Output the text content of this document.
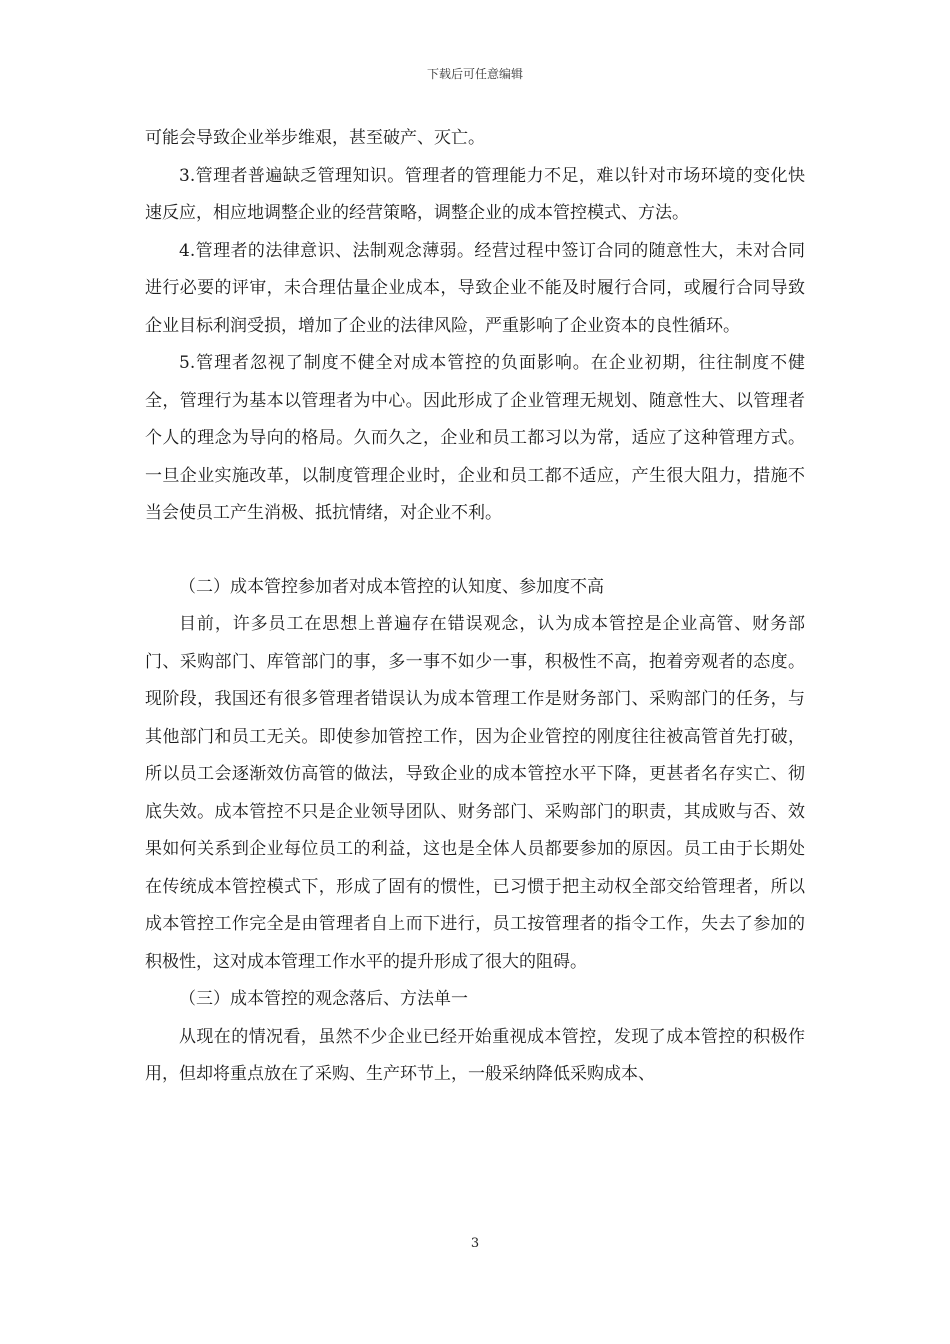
下载后可任意编辑

可能会导致企业举步维艰，甚至破产、灭亡。

3.管理者普遍缺乏管理知识。管理者的管理能力不足，难以针对市场环境的变化快速反应，相应地调整企业的经营策略，调整企业的成本管控模式、方法。

4.管理者的法律意识、法制观念薄弱。经营过程中签订合同的随意性大，未对合同进行必要的评审，未合理估量企业成本，导致企业不能及时履行合同，或履行合同导致企业目标利润受损，增加了企业的法律风险，严重影响了企业资本的良性循环。

5.管理者忽视了制度不健全对成本管控的负面影响。在企业初期，往往制度不健全，管理行为基本以管理者为中心。因此形成了企业管理无规划、随意性大、以管理者个人的理念为导向的格局。久而久之，企业和员工都习以为常，适应了这种管理方式。一旦企业实施改革，以制度管理企业时，企业和员工都不适应，产生很大阻力，措施不当会使员工产生消极、抵抗情绪，对企业不利。

（二）成本管控参加者对成本管控的认知度、参加度不高

目前，许多员工在思想上普遍存在错误观念，认为成本管控是企业高管、财务部门、采购部门、库管部门的事，多一事不如少一事，积极性不高，抱着旁观者的态度。现阶段，我国还有很多管理者错误认为成本管理工作是财务部门、采购部门的任务，与其他部门和员工无关。即使参加管控工作，因为企业管控的刚度往往被高管首先打破，所以员工会逐渐效仿高管的做法，导致企业的成本管控水平下降，更甚者名存实亡、彻底失效。成本管控不只是企业领导团队、财务部门、采购部门的职责，其成败与否、效果如何关系到企业每位员工的利益，这也是全体人员都要参加的原因。员工由于长期处在传统成本管控模式下，形成了固有的惯性，已习惯于把主动权全部交给管理者，所以成本管控工作完全是由管理者自上而下进行，员工按管理者的指令工作，失去了参加的积极性，这对成本管理工作水平的提升形成了很大的阻碍。

（三）成本管控的观念落后、方法单一

从现在的情况看，虽然不少企业已经开始重视成本管控，发现了成本管控的积极作用，但却将重点放在了采购、生产环节上，一般采纳降低采购成本、

3
